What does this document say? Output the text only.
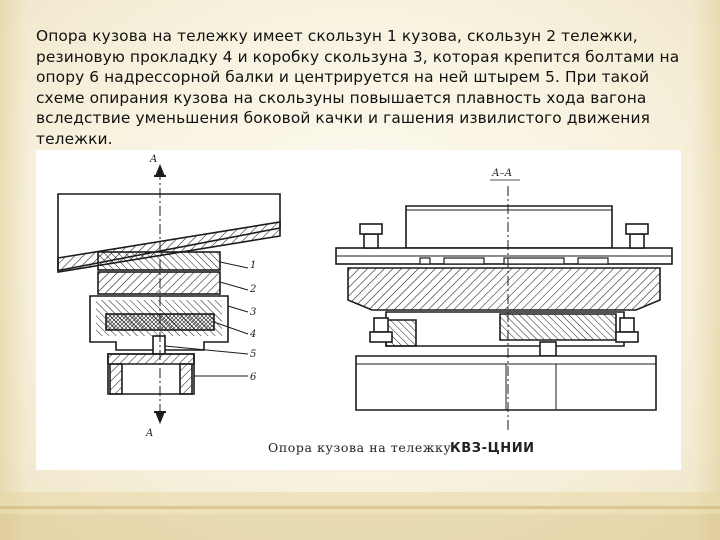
Опора кузова на тележку имеет скользун 1 кузова, скользун 2 тележки, резиновую прокладку 4 и коробку скользуна 3, которая крепится болтами на опору 6 надрессорной балки и центрируется на ней штырем 5. При такой схеме опирания кузова на скользуны повышается плавность хода вагона вследствие уменьшения боковой качки и гашения извилистого движения тележки.

A
A
1
2
3
4
5
6
А–А
Опора кузова на тележку
КВЗ-ЦНИИ
